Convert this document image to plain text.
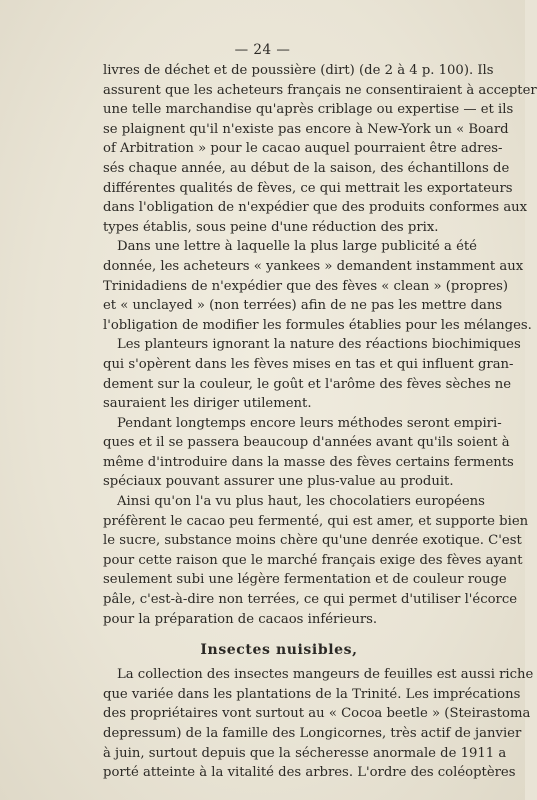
— 24 —
livres de déchet et de poussière (dirt) (de 2 à 4 p. 100). Ils
assurent que les acheteurs français ne consentiraient à accepter
une telle marchandise qu'après criblage ou expertise — et ils
se plaignent qu'il n'existe pas encore à New-York un « Board
of Arbitration » pour le cacao auquel pourraient être adres-
sés chaque année, au début de la saison, des échantillons de
différentes qualités de fèves, ce qui mettrait les exportateurs
dans l'obligation de n'expédier que des produits conformes aux
types établis, sous peine d'une réduction des prix.
Dans une lettre à laquelle la plus large publicité a été
donnée, les acheteurs « yankees » demandent instamment aux
Trinidadiens de n'expédier que des fèves « clean » (propres)
et « unclayed » (non terrées) afin de ne pas les mettre dans
l'obligation de modifier les formules établies pour les mélanges.
Les planteurs ignorant la nature des réactions biochimiques
qui s'opèrent dans les fèves mises en tas et qui influent gran-
dement sur la couleur, le goût et l'arôme des fèves sèches ne
sauraient les diriger utilement.
Pendant longtemps encore leurs méthodes seront empiri-
ques et il se passera beaucoup d'années avant qu'ils soient à
même d'introduire dans la masse des fèves certains ferments
spéciaux pouvant assurer une plus-value au produit.
Ainsi qu'on l'a vu plus haut, les chocolatiers européens
préfèrent le cacao peu fermenté, qui est amer, et supporte bien
le sucre, substance moins chère qu'une denrée exotique. C'est
pour cette raison que le marché français exige des fèves ayant
seulement subi une légère fermentation et de couleur rouge
pâle, c'est-à-dire non terrées, ce qui permet d'utiliser l'écorce
pour la préparation de cacaos inférieurs.
Insectes nuisibles,
La collection des insectes mangeurs de feuilles est aussi riche
que variée dans les plantations de la Trinité. Les imprécations
des propriétaires vont surtout au « Cocoa beetle » (Steirastoma
depressum) de la famille des Longicornes, très actif de janvier
à juin, surtout depuis que la sécheresse anormale de 1911 a
porté atteinte à la vitalité des arbres. L'ordre des coléoptères
